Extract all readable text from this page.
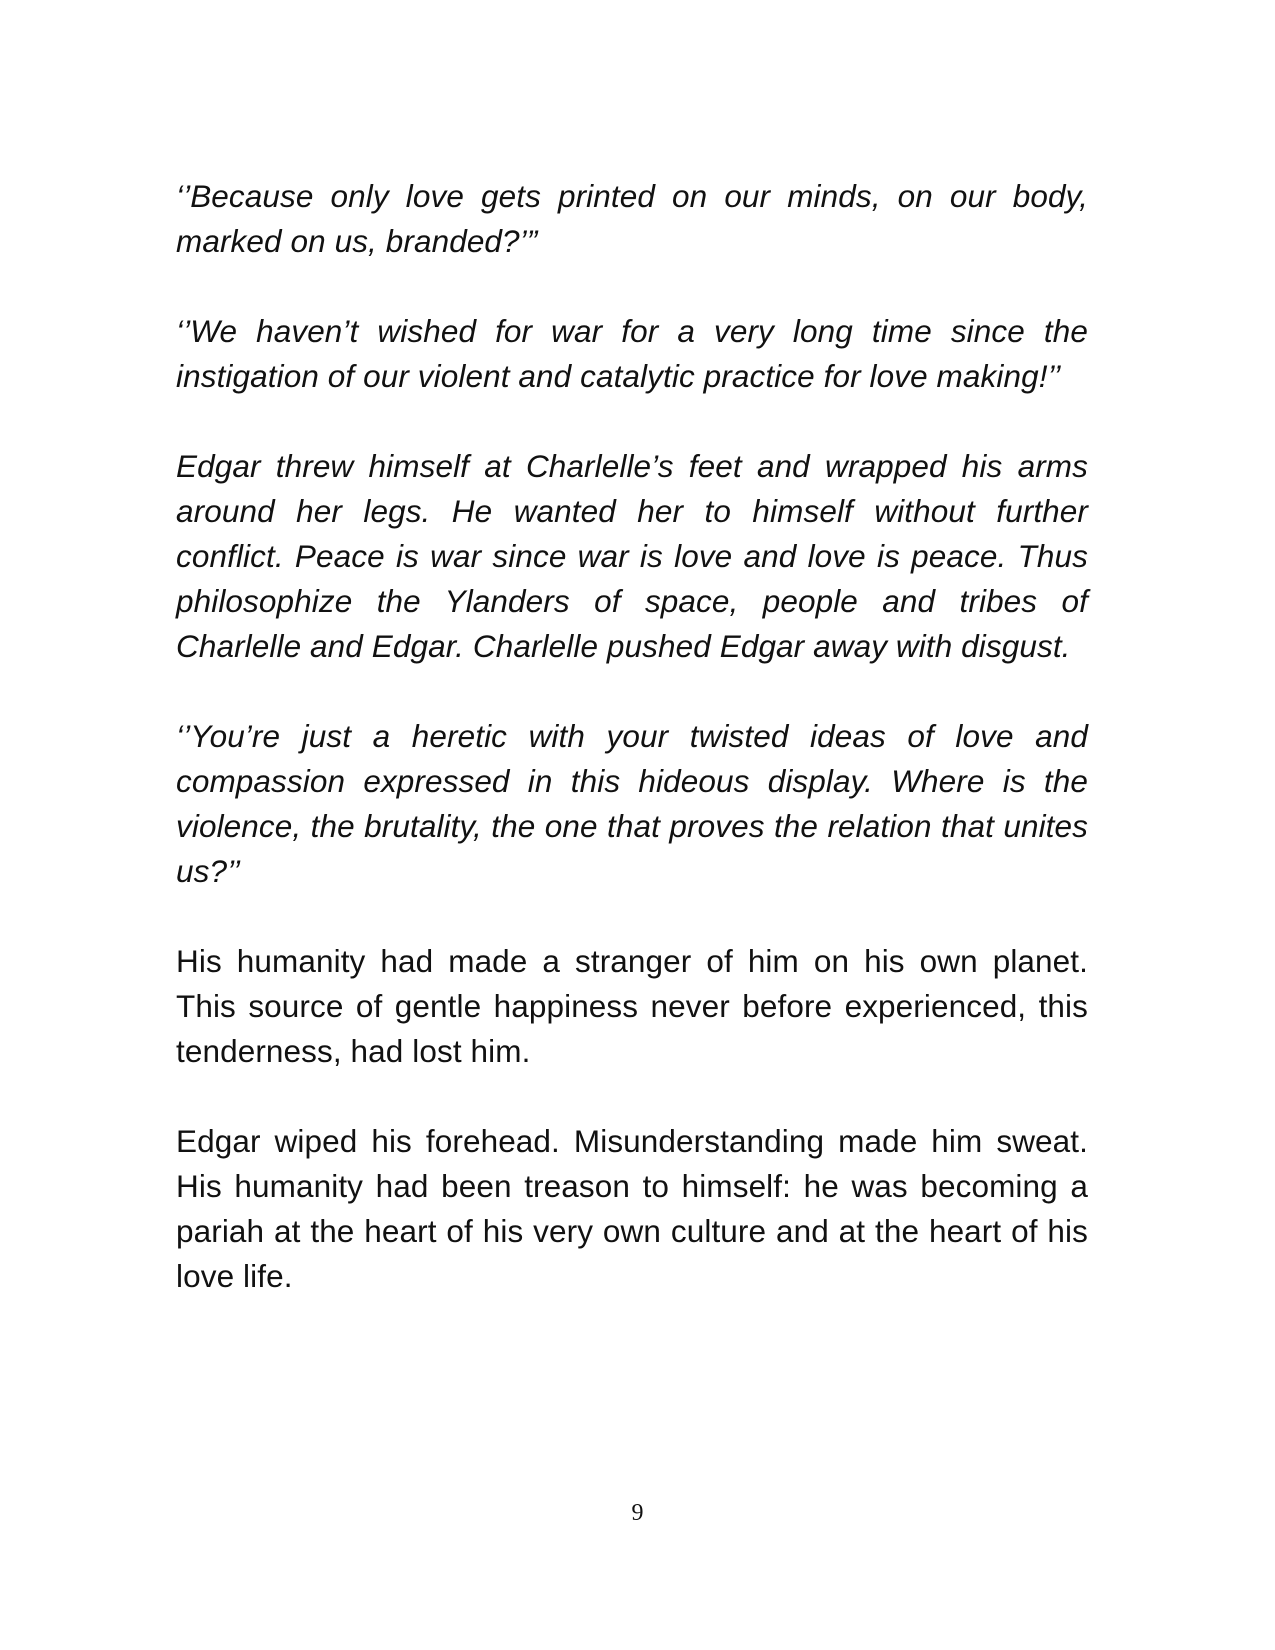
‘’Because only love gets printed on our minds, on our body, marked on us, branded?’”

‘’We haven’t wished for war for a very long time since the instigation of our violent and catalytic practice for love making!’’

Edgar threw himself at Charlelle’s feet and wrapped his arms around her legs. He wanted her to himself without further conflict. Peace is war since war is love and love is peace. Thus philosophize the Ylanders of space, people and tribes of Charlelle and Edgar. Charlelle pushed Edgar away with disgust.

‘’You’re just a heretic with your twisted ideas of love and compassion expressed in this hideous display. Where is the violence, the brutality, the one that proves the relation that unites us?’’

His humanity had made a stranger of him on his own planet. This source of gentle happiness never before experienced, this tenderness, had lost him.

Edgar wiped his forehead. Misunderstanding made him sweat. His humanity had been treason to himself: he was becoming a pariah at the heart of his very own culture and at the heart of his love life.

9
